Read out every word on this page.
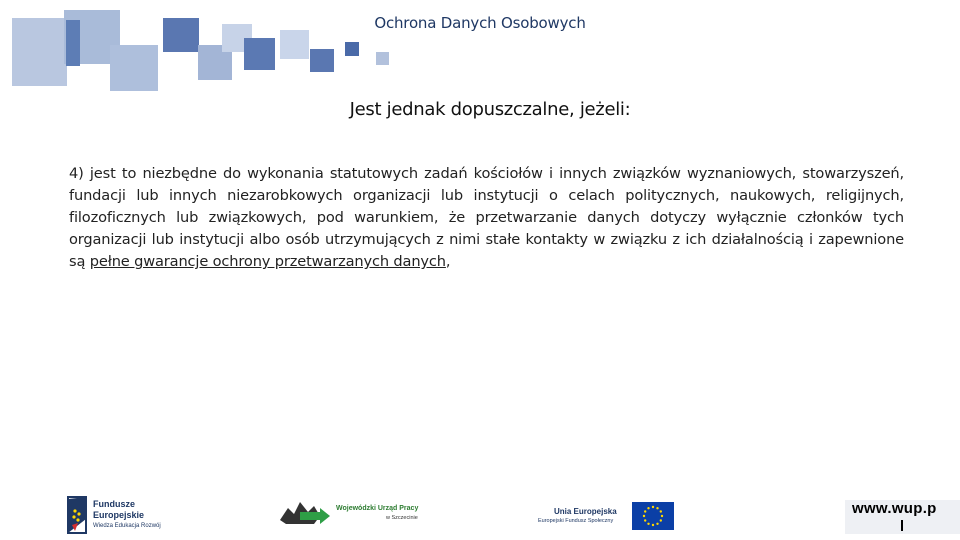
Ochrona Danych Osobowych
Jest jednak dopuszczalne, jeżeli:
4) jest to niezbędne do wykonania statutowych zadań kościołów i innych związków wyznaniowych, stowarzyszeń, fundacji lub innych niezarobkowych organizacji lub instytucji o celach politycznych, naukowych, religijnych, filozoficznych lub związkowych, pod warunkiem, że przetwarzanie danych dotyczy wyłącznie członków tych organizacji lub instytucji albo osób utrzymujących z nimi stałe kontakty w związku z ich działalnością i zapewnione są pełne gwarancje ochrony przetwarzanych danych,
Fundusze
Europejskie
Wiedza Edukacja Rozwój
Wojewódzki Urząd Pracy
w Szczecinie
Unia Europejska
Europejski Fundusz Społeczny
www.wup.p
